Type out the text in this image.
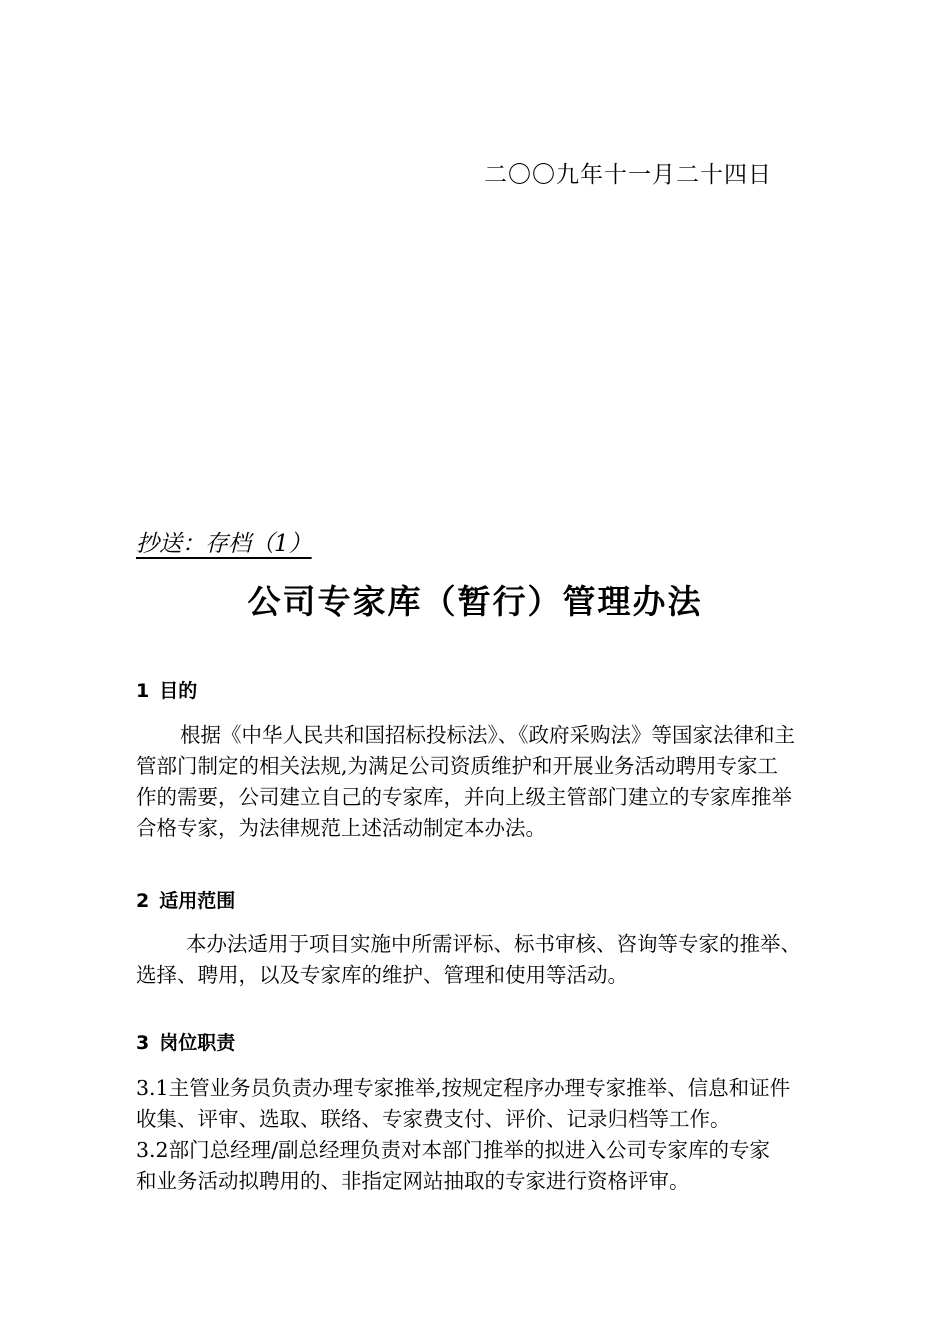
二〇〇九年十一月二十四日
抄送：存档（1）
公司专家库（暂行）管理办法
1 目的
根据《中华人民共和国招标投标法》、《政府采购法》等国家法律和主
管部门制定的相关法规,为满足公司资质维护和开展业务活动聘用专家工
作的需要，公司建立自己的专家库，并向上级主管部门建立的专家库推举
合格专家，为法律规范上述活动制定本办法。
2 适用范围
本办法适用于项目实施中所需评标、标书审核、咨询等专家的推举、
选择、聘用，以及专家库的维护、管理和使用等活动。
3 岗位职责
3.1主管业务员负责办理专家推举,按规定程序办理专家推举、信息和证件
收集、评审、选取、联络、专家费支付、评价、记录归档等工作。
3.2部门总经理/副总经理负责对本部门推举的拟进入公司专家库的专家
和业务活动拟聘用的、非指定网站抽取的专家进行资格评审。
